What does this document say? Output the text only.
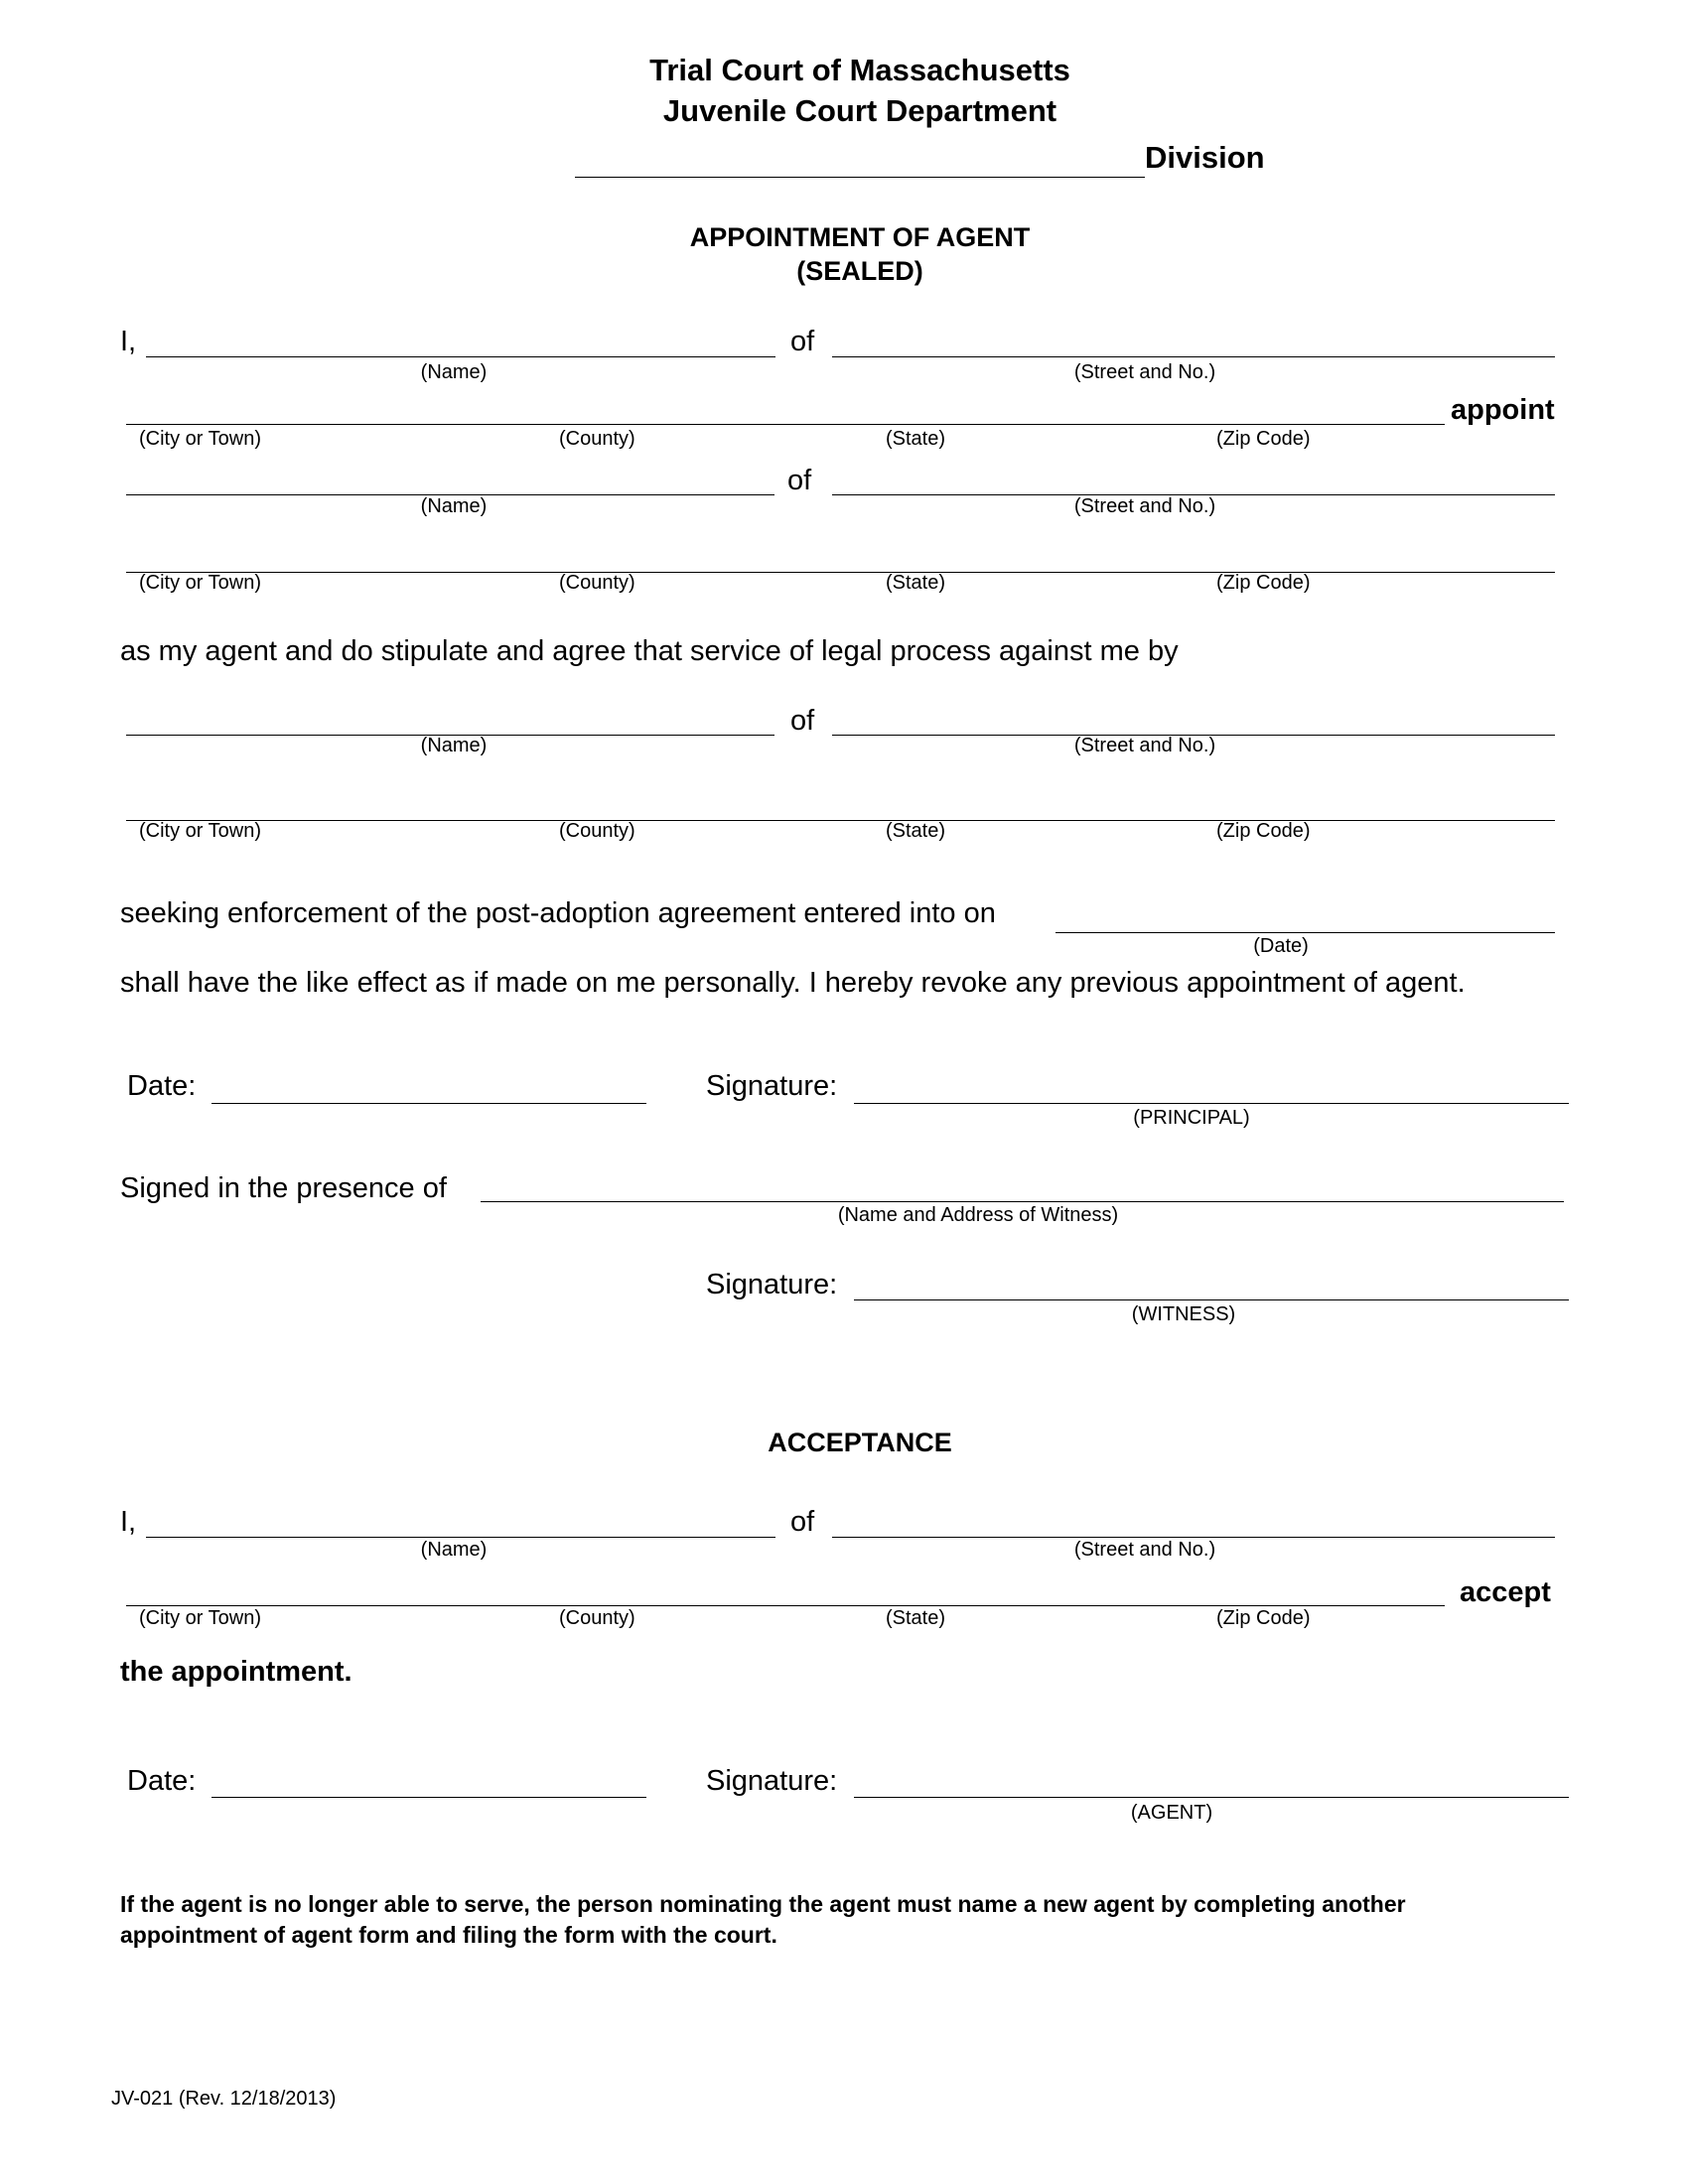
Trial Court of Massachusetts
Juvenile Court Department
Division
APPOINTMENT OF AGENT
(SEALED)
I,	of
(Name)	(Street and No.)
appoint
(City or Town)	(County)	(State)	(Zip Code)
of
(Name)	(Street and No.)
(City or Town)	(County)	(State)	(Zip Code)
as my agent and do stipulate and agree that service of legal process against me by
of
(Name)	(Street and No.)
(City or Town)	(County)	(State)	(Zip Code)
seeking enforcement of the post-adoption agreement entered into on
(Date)
shall have the like effect as if made on me personally. I hereby revoke any previous appointment of agent.
Date:	Signature:
(PRINCIPAL)
Signed in the presence of
(Name and Address of Witness)
Signature:
(WITNESS)
ACCEPTANCE
I,	of
(Name)	(Street and No.)
accept
(City or Town)	(County)	(State)	(Zip Code)
the appointment.
Date:	Signature:
(AGENT)
If the agent is no longer able to serve, the person nominating the agent must name a new agent by completing another
appointment of agent form and filing the form with the court.
JV-021 (Rev. 12/18/2013)
